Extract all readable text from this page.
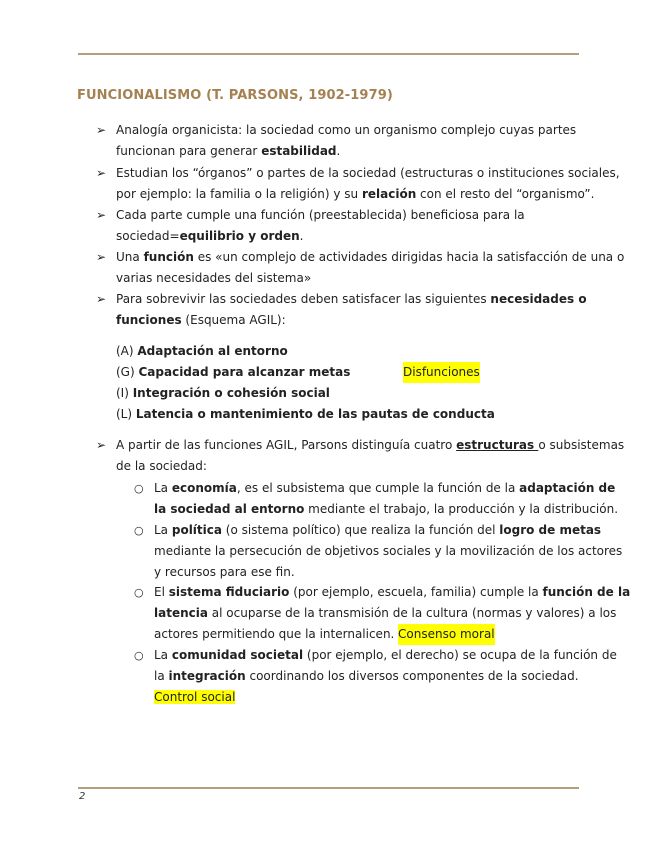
FUNCIONALISMO (T. PARSONS, 1902-1979)
➢ Analogía organicista: la sociedad como un organismo complejo cuyas partes
funcionan para generar estabilidad.
➢ Estudian los “órganos” o partes de la sociedad (estructuras o instituciones sociales,
por ejemplo: la familia o la religión) y su relación con el resto del “organismo”.
➢ Cada parte cumple una función (preestablecida) beneficiosa para la
sociedad=equilibrio y orden.
➢ Una función es «un complejo de actividades dirigidas hacia la satisfacción de una o
varias necesidades del sistema»
➢ Para sobrevivir las sociedades deben satisfacer las siguientes necesidades o
funciones (Esquema AGIL):
(A) Adaptación al entorno
(G) Capacidad para alcanzar metas
(I) Integración o cohesión social
(L) Latencia o mantenimiento de las pautas de conducta
Disfunciones
➢ A partir de las funciones AGIL, Parsons distinguía cuatro estructuras o subsistemas
de la sociedad:
○ La economía, es el subsistema que cumple la función de la adaptación de
la sociedad al entorno mediante el trabajo, la producción y la distribución.
○ La política (o sistema político) que realiza la función del logro de metas
mediante la persecución de objetivos sociales y la movilización de los actores
y recursos para ese fin.
○ El sistema fiduciario (por ejemplo, escuela, familia) cumple la función de la
latencia al ocuparse de la transmisión de la cultura (normas y valores) a los
actores permitiendo que la internalicen. Consenso moral
○ La comunidad societal (por ejemplo, el derecho) se ocupa de la función de
la integración coordinando los diversos componentes de la sociedad.
Control social
2
